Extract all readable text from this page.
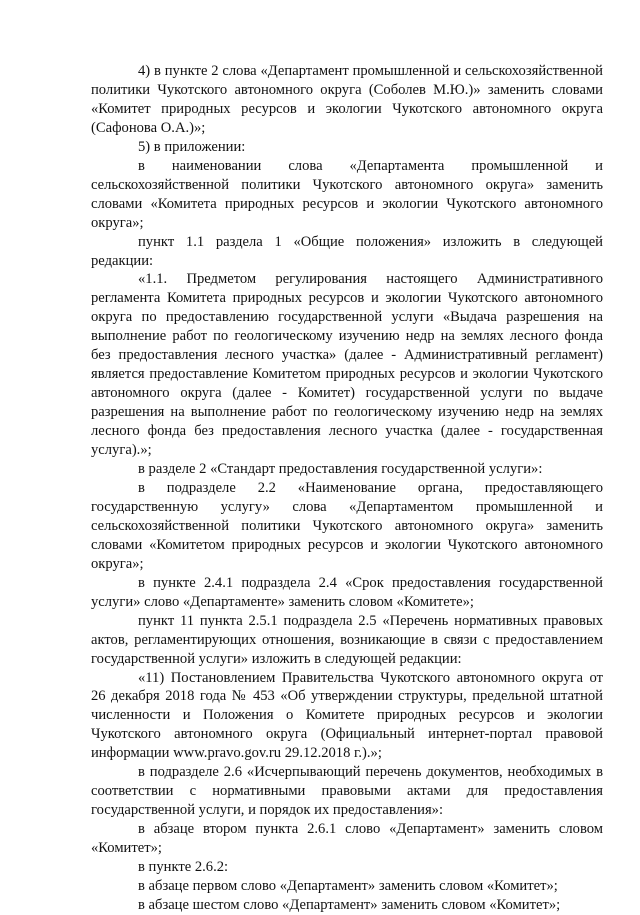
4) в пункте 2 слова «Департамент промышленной и сельскохозяйственной политики Чукотского автономного округа (Соболев М.Ю.)» заменить словами «Комитет природных ресурсов и экологии Чукотского автономного округа (Сафонова О.А.)»;

5) в приложении:

в наименовании слова «Департамента промышленной и сельскохозяйственной политики Чукотского автономного округа» заменить словами «Комитета природных ресурсов и экологии Чукотского автономного округа»;

пункт 1.1 раздела 1 «Общие положения» изложить в следующей редакции:

«1.1. Предметом регулирования настоящего Административного регламента Комитета природных ресурсов и экологии Чукотского автономного округа по предоставлению государственной услуги «Выдача разрешения на выполнение работ по геологическому изучению недр на землях лесного фонда без предоставления лесного участка» (далее - Административный регламент) является предоставление Комитетом природных ресурсов и экологии Чукотского автономного округа (далее - Комитет) государственной услуги по выдаче разрешения на выполнение работ по геологическому изучению недр на землях лесного фонда без предоставления лесного участка (далее - государственная услуга).»;

в разделе 2 «Стандарт предоставления государственной услуги»:

в подразделе 2.2 «Наименование органа, предоставляющего государственную услугу» слова «Департаментом промышленной и сельскохозяйственной политики Чукотского автономного округа» заменить словами «Комитетом природных ресурсов и экологии Чукотского автономного округа»;

в пункте 2.4.1 подраздела 2.4 «Срок предоставления государственной услуги» слово «Департаменте» заменить словом «Комитете»;

пункт 11 пункта 2.5.1 подраздела 2.5 «Перечень нормативных правовых актов, регламентирующих отношения, возникающие в связи с предоставлением государственной услуги» изложить в следующей редакции:

«11) Постановлением Правительства Чукотского автономного округа от 26 декабря 2018 года № 453 «Об утверждении структуры, предельной штатной численности и Положения о Комитете природных ресурсов и экологии Чукотского автономного округа (Официальный интернет-портал правовой информации www.pravo.gov.ru 29.12.2018 г.).»;

в подразделе 2.6 «Исчерпывающий перечень документов, необходимых в соответствии с нормативными правовыми актами для предоставления государственной услуги, и порядок их предоставления»:

в абзаце втором пункта 2.6.1 слово «Департамент» заменить словом «Комитет»;

в пункте 2.6.2:

в абзаце первом слово «Департамент» заменить словом «Комитет»;

в абзаце шестом слово «Департамент» заменить словом «Комитет»;
